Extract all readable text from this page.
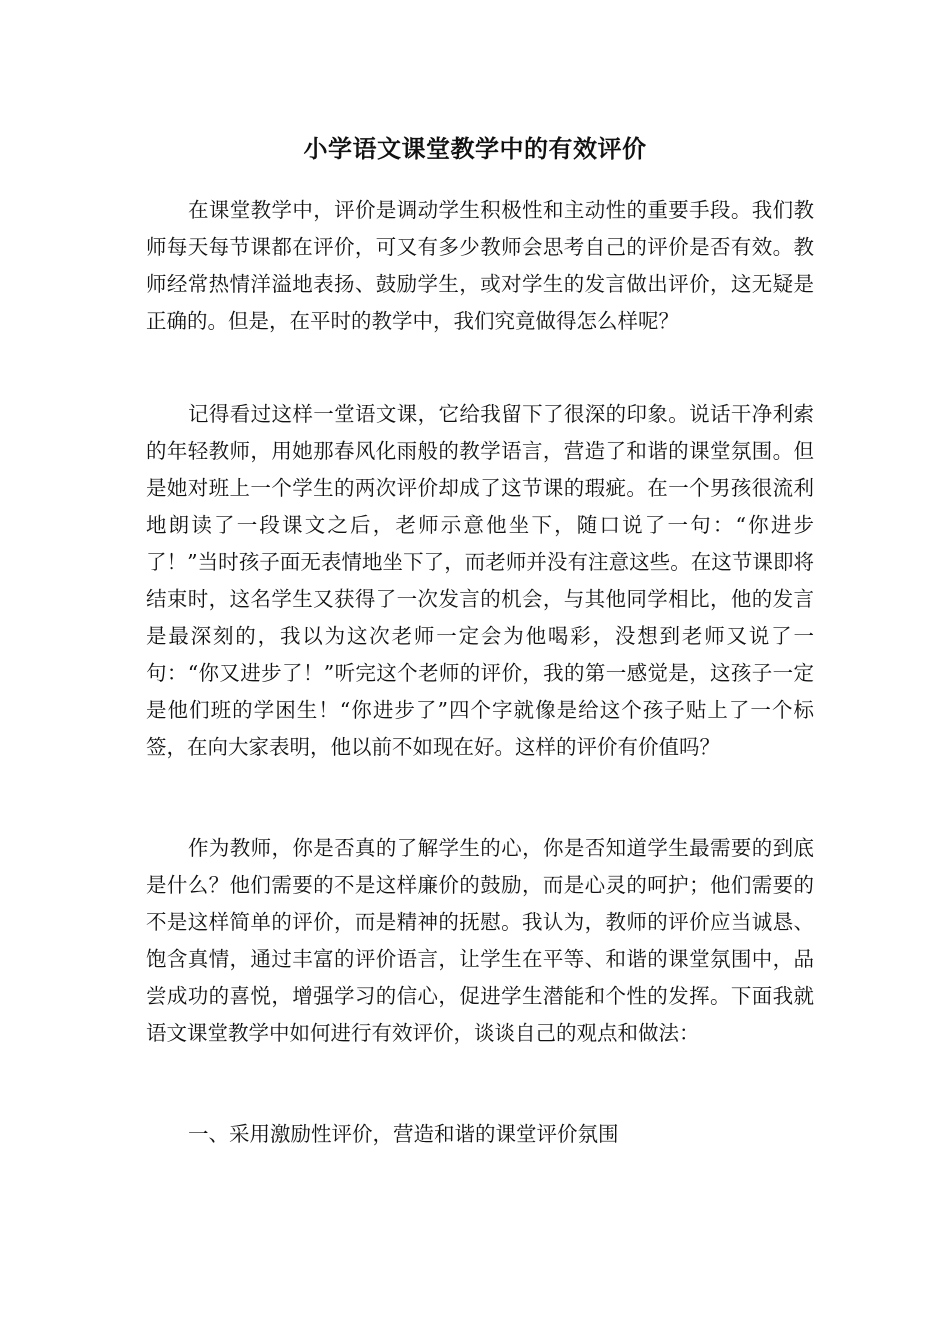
小学语文课堂教学中的有效评价

在课堂教学中，评价是调动学生积极性和主动性的重要手段。我们教师每天每节课都在评价，可又有多少教师会思考自己的评价是否有效。教师经常热情洋溢地表扬、鼓励学生，或对学生的发言做出评价，这无疑是正确的。但是，在平时的教学中，我们究竟做得怎么样呢？

记得看过这样一堂语文课，它给我留下了很深的印象。说话干净利索的年轻教师，用她那春风化雨般的教学语言，营造了和谐的课堂氛围。但是她对班上一个学生的两次评价却成了这节课的瑕疵。在一个男孩很流利地朗读了一段课文之后，老师示意他坐下，随口说了一句：“你进步了！”当时孩子面无表情地坐下了，而老师并没有注意这些。在这节课即将结束时，这名学生又获得了一次发言的机会，与其他同学相比，他的发言是最深刻的，我以为这次老师一定会为他喝彩，没想到老师又说了一句：“你又进步了！”听完这个老师的评价，我的第一感觉是，这孩子一定是他们班的学困生！“你进步了”四个字就像是给这个孩子贴上了一个标签，在向大家表明，他以前不如现在好。这样的评价有价值吗？

作为教师，你是否真的了解学生的心，你是否知道学生最需要的到底是什么？他们需要的不是这样廉价的鼓励，而是心灵的呵护；他们需要的不是这样简单的评价，而是精神的抚慰。我认为，教师的评价应当诚恳、饱含真情，通过丰富的评价语言，让学生在平等、和谐的课堂氛围中，品尝成功的喜悦，增强学习的信心，促进学生潜能和个性的发挥。下面我就语文课堂教学中如何进行有效评价，谈谈自己的观点和做法：

一、采用激励性评价，营造和谐的课堂评价氛围
